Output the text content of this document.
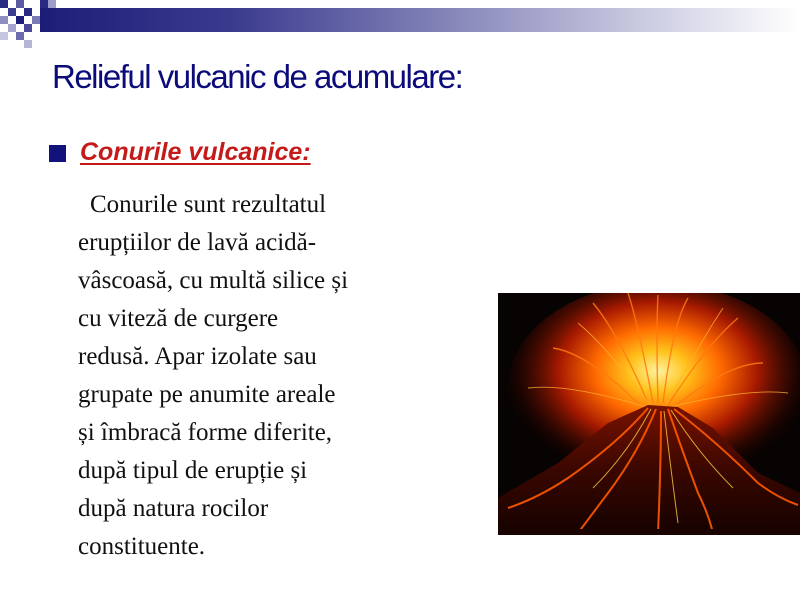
Relieful vulcanic de acumulare:
Conurile vulcanice:
Conurile sunt rezultatul
erupțiilor de lavă acidă-
vâscoasă, cu multă silice și
cu viteză de curgere
redusă. Apar izolate sau
grupate pe anumite areale
și îmbracă forme diferite,
după tipul de erupție și
după natura rocilor
constituente.
